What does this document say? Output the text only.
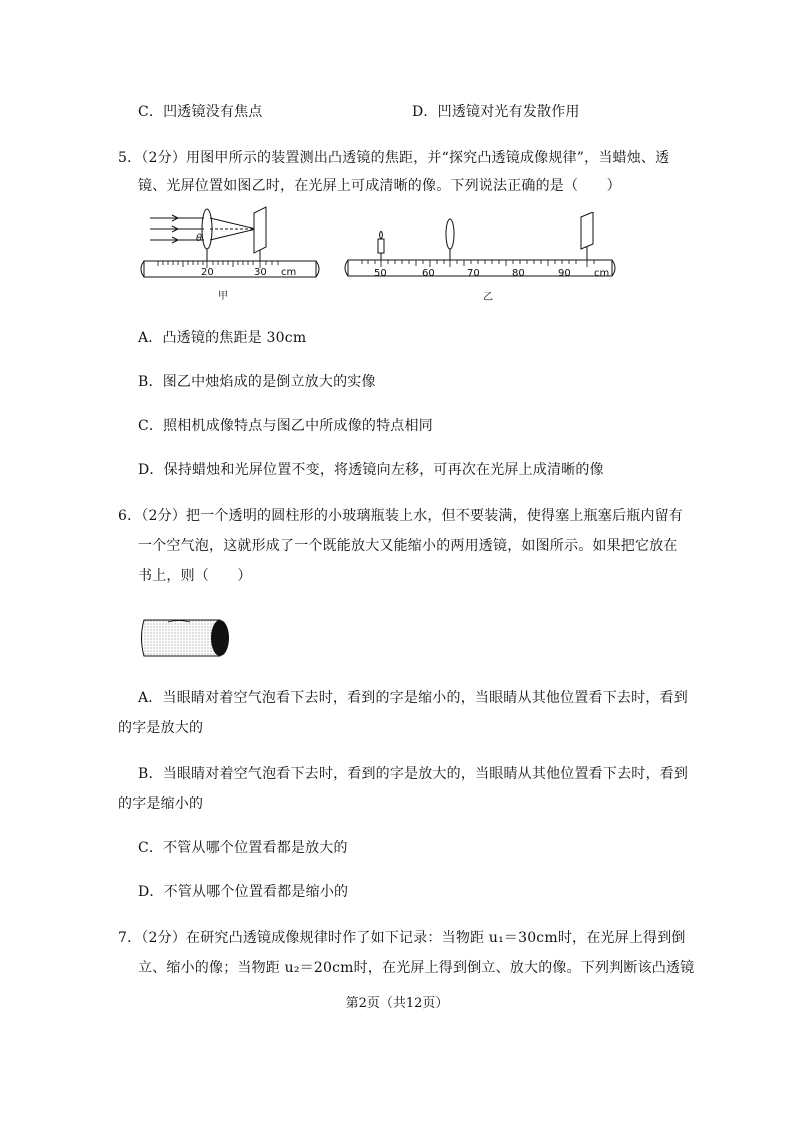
C．凹透镜没有焦点	D．凹透镜对光有发散作用
5．（2分）用图甲所示的装置测出凸透镜的焦距，并“探究凸透镜成像规律”，当蜡烛、透
镜、光屏位置如图乙时，在光屏上可成清晰的像。下列说法正确的是（　　）
θ
20	30 cm
甲
50	60	70	80	90 cm
乙
A．凸透镜的焦距是 30cm
B．图乙中烛焰成的是倒立放大的实像
C．照相机成像特点与图乙中所成像的特点相同
D．保持蜡烛和光屏位置不变，将透镜向左移，可再次在光屏上成清晰的像
6．（2分）把一个透明的圆柱形的小玻璃瓶装上水，但不要装满，使得塞上瓶塞后瓶内留有
一个空气泡，这就形成了一个既能放大又能缩小的两用透镜，如图所示。如果把它放在
书上，则（　　）
A．当眼睛对着空气泡看下去时，看到的字是缩小的，当眼睛从其他位置看下去时，看到
的字是放大的
B．当眼睛对着空气泡看下去时，看到的字是放大的，当眼睛从其他位置看下去时，看到
的字是缩小的
C．不管从哪个位置看都是放大的
D．不管从哪个位置看都是缩小的
7．（2分）在研究凸透镜成像规律时作了如下记录：当物距 u₁＝30cm时，在光屏上得到倒
立、缩小的像；当物距 u₂＝20cm时，在光屏上得到倒立、放大的像。下列判断该凸透镜
第2页（共12页）
